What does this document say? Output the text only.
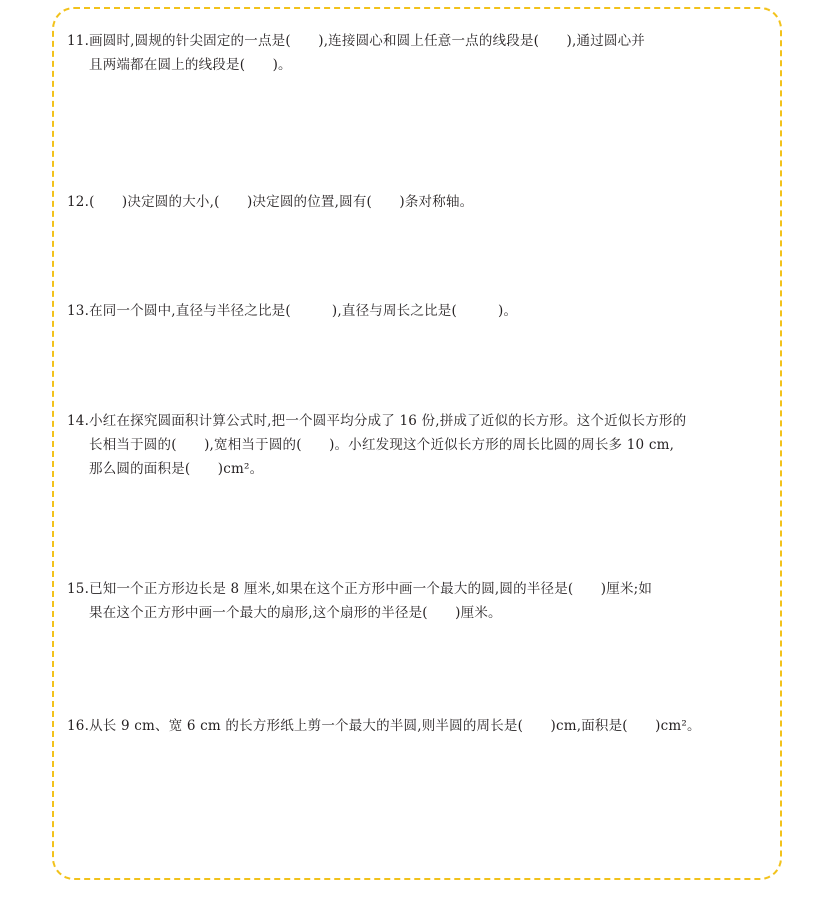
11.画圆时,圆规的针尖固定的一点是(　　),连接圆心和圆上任意一点的线段是(　　),通过圆心并
且两端都在圆上的线段是(　　)。
12.(　　)决定圆的大小,(　　)决定圆的位置,圆有(　　)条对称轴。
13.在同一个圆中,直径与半径之比是(　　　),直径与周长之比是(　　　)。
14.小红在探究圆面积计算公式时,把一个圆平均分成了 16 份,拼成了近似的长方形。这个近似长方形的
长相当于圆的(　　),宽相当于圆的(　　)。小红发现这个近似长方形的周长比圆的周长多 10 cm,
那么圆的面积是(　　)cm²。
15.已知一个正方形边长是 8 厘米,如果在这个正方形中画一个最大的圆,圆的半径是(　　)厘米;如
果在这个正方形中画一个最大的扇形,这个扇形的半径是(　　)厘米。
16.从长 9 cm、宽 6 cm 的长方形纸上剪一个最大的半圆,则半圆的周长是(　　)cm,面积是(　　)cm²。
